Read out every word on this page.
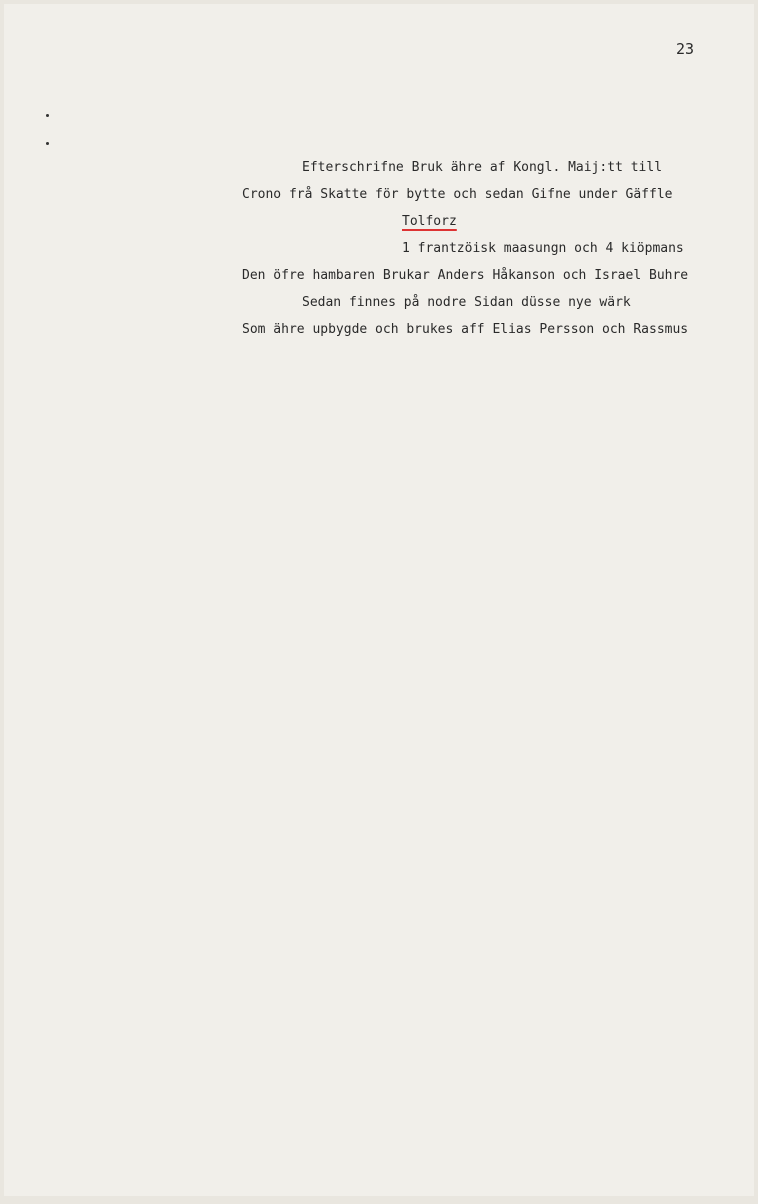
23
Efterschrifne Bruk ähre af Kongl. Maij:tt till
Crono frå Skatte för bytte och sedan Gifne under Gäffle
Tolforz
1 frantzöisk maasungn och 4 kiöpmans
Den öfre hambaren Brukar Anders Håkanson och Israel Buhre
Sedan finnes på nodre Sidan düsse nye wärk
Som ähre upbygde och brukes aff Elias Persson och Rassmus
